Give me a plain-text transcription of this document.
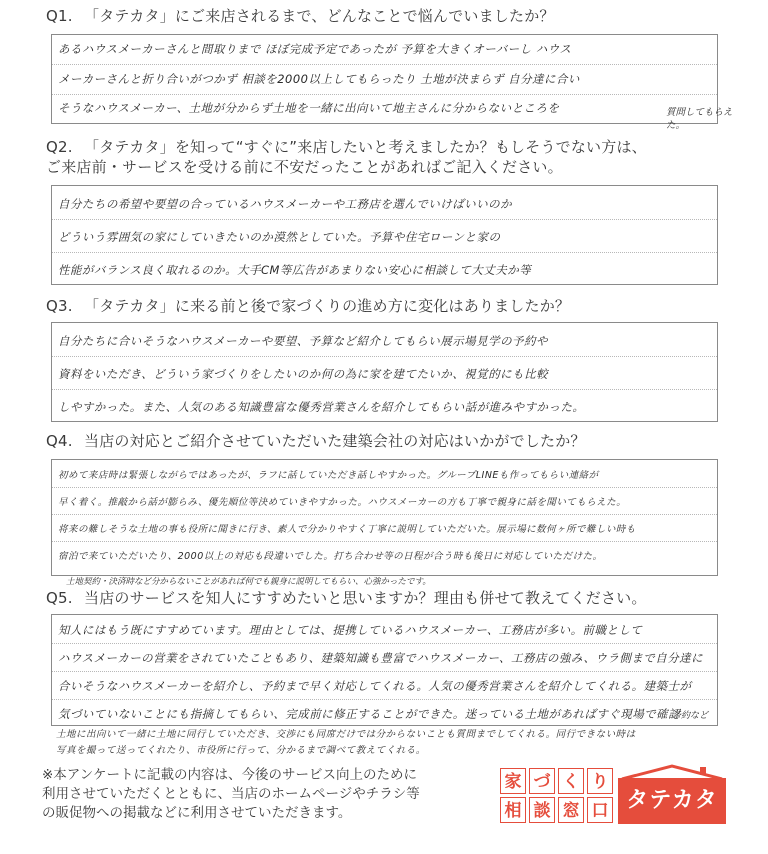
Q1. 「タテカタ」にご来店されるまで、どんなことで悩んでいましたか？
あるハウスメーカーさんと間取りまで ほぼ完成予定であったが 予算を大きくオーバーし ハウス
メーカーさんと折り合いがつかず 相談を2000以上してもらったり 土地が決まらず 自分達に合い
そうなハウスメーカー、土地が分からず土地を一緒に出向いて地主さんに分からないところを	質問してもらえた。
Q2. 「タテカタ」を知って“すぐに”来店したいと考えましたか？もしそうでない方は、
ご来店前・サービスを受ける前に不安だったことがあればご記入ください。
自分たちの希望や要望の合っているハウスメーカーや工務店を選んでいけばいいのか
どういう雰囲気の家にしていきたいのか漠然としていた。予算や住宅ローンと家の
性能がバランス良く取れるのか。大手CM等広告があまりない安心に相談して大丈夫か等
Q3. 「タテカタ」に来る前と後で家づくりの進め方に変化はありましたか？
自分たちに合いそうなハウスメーカーや要望、予算など紹介してもらい展示場見学の予約や
資料をいただき、どういう家づくりをしたいのか何の為に家を建てたいか、視覚的にも比較
しやすかった。また、人気のある知識豊富な優秀営業さんを紹介してもらい話が進みやすかった。
Q4. 当店の対応とご紹介させていただいた建築会社の対応はいかがでしたか？
初めて来店時は緊張しながらではあったが、ラフに話していただき話しやすかった。グループLINEも作ってもらい連絡が
早く着く。推敲から話が膨らみ、優先順位等決めていきやすかった。ハウスメーカーの方も丁寧で親身に話を聞いてもらえた。
将来の難しそうな土地の事も役所に聞きに行き、素人で分かりやすく丁寧に説明していただいた。展示場に数何ヶ所で難しい時も
宿泊で来ていただいたり、2000以上の対応も段違いでした。打ち合わせ等の日程が合う時も後日に対応していただけた。
土地契約・決済時など分からないことがあれば何でも親身に説明してもらい、心強かったです。
Q5. 当店のサービスを知人にすすめたいと思いますか？理由も併せて教えてください。
知人にはもう既にすすめています。理由としては、提携しているハウスメーカー、工務店が多い。前職として
ハウスメーカーの営業をされていたこともあり、建築知識も豊富でハウスメーカー、工務店の強み、ウラ側まで自分達に
合いそうなハウスメーカーを紹介し、予約まで早く対応してくれる。人気の優秀営業さんを紹介してくれる。建築士が
気づいていないことにも指摘してもらい、完成前に修正することができた。迷っている土地があればすぐ現場で確認
予約など
土地に出向いて一緒に土地に同行していただき、交渉にも同席だけでは分からないことも質問までしてくれる。同行できない時は
写真を撮って送ってくれたり、市役所に行って、分かるまで調べて教えてくれる。
※本アンケートに記載の内容は、今後のサービス向上のために
利用させていただくとともに、当店のホームページやチラシ等
の販促物への掲載などに利用させていただきます。
家 づ く り
相 談 窓 口 タテカタ
